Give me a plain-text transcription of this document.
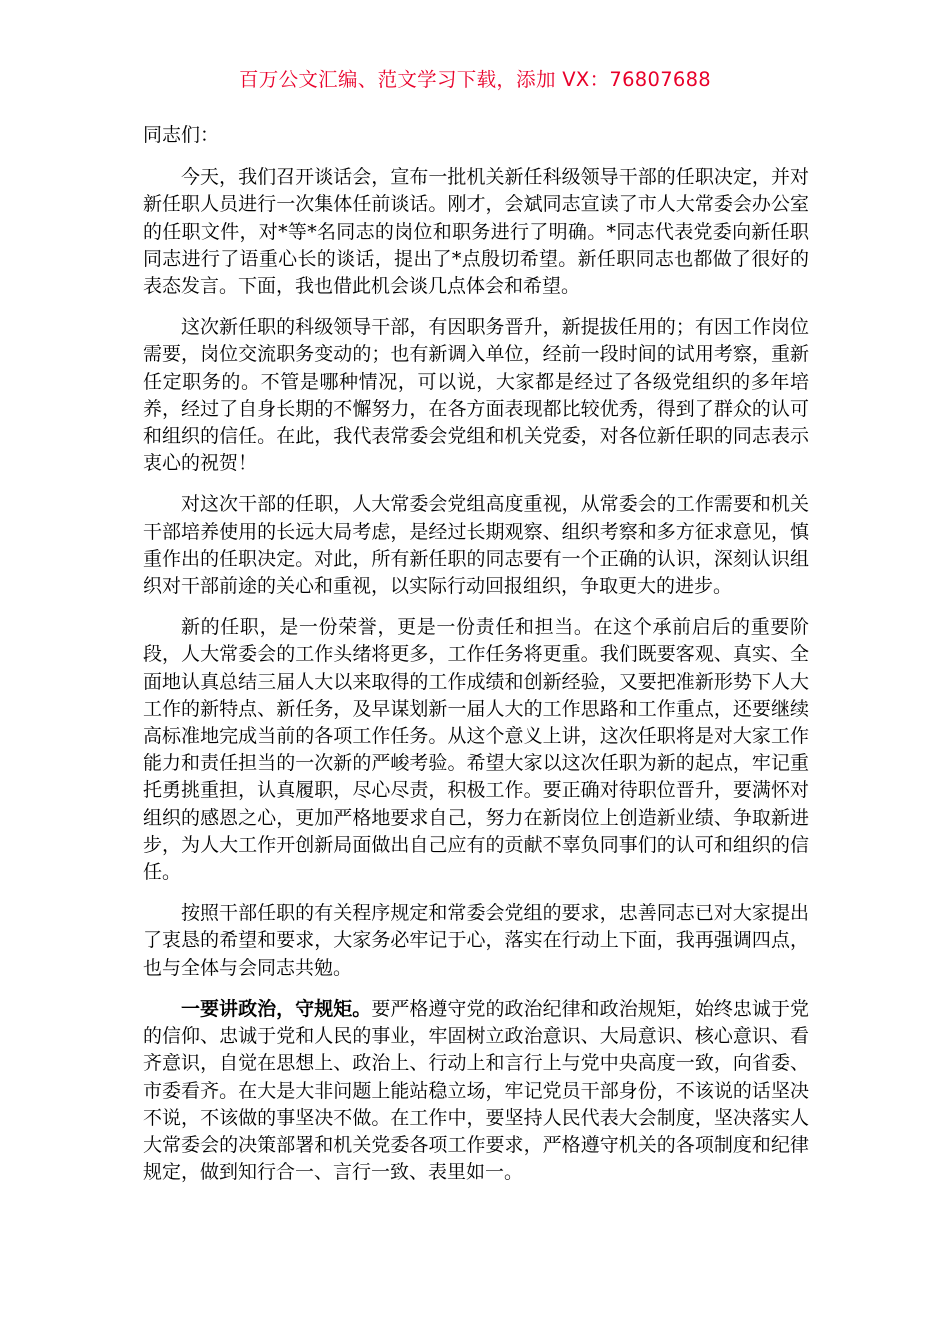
百万公文汇编、范文学习下载，添加 VX：76807688

同志们：

今天，我们召开谈话会，宣布一批机关新任科级领导干部的任职决定，并对新任职人员进行一次集体任前谈话。刚才，会斌同志宣读了市人大常委会办公室的任职文件，对*等*名同志的岗位和职务进行了明确。*同志代表党委向新任职同志进行了语重心长的谈话，提出了*点殷切希望。新任职同志也都做了很好的表态发言。下面，我也借此机会谈几点体会和希望。

这次新任职的科级领导干部，有因职务晋升，新提拔任用的；有因工作岗位需要，岗位交流职务变动的；也有新调入单位，经前一段时间的试用考察，重新任定职务的。不管是哪种情况，可以说，大家都是经过了各级党组织的多年培养，经过了自身长期的不懈努力，在各方面表现都比较优秀，得到了群众的认可和组织的信任。在此，我代表常委会党组和机关党委，对各位新任职的同志表示衷心的祝贺！

对这次干部的任职，人大常委会党组高度重视，从常委会的工作需要和机关干部培养使用的长远大局考虑，是经过长期观察、组织考察和多方征求意见，慎重作出的任职决定。对此，所有新任职的同志要有一个正确的认识，深刻认识组织对干部前途的关心和重视，以实际行动回报组织，争取更大的进步。

新的任职，是一份荣誉，更是一份责任和担当。在这个承前启后的重要阶段，人大常委会的工作头绪将更多，工作任务将更重。我们既要客观、真实、全面地认真总结三届人大以来取得的工作成绩和创新经验，又要把准新形势下人大工作的新特点、新任务，及早谋划新一届人大的工作思路和工作重点，还要继续高标准地完成当前的各项工作任务。从这个意义上讲，这次任职将是对大家工作能力和责任担当的一次新的严峻考验。希望大家以这次任职为新的起点，牢记重托勇挑重担，认真履职，尽心尽责，积极工作。要正确对待职位晋升，要满怀对组织的感恩之心，更加严格地要求自己，努力在新岗位上创造新业绩、争取新进步，为人大工作开创新局面做出自己应有的贡献不辜负同事们的认可和组织的信任。

按照干部任职的有关程序规定和常委会党组的要求，忠善同志已对大家提出了衷恳的希望和要求，大家务必牢记于心，落实在行动上下面，我再强调四点，也与全体与会同志共勉。

一要讲政治，守规矩。要严格遵守党的政治纪律和政治规矩，始终忠诚于党的信仰、忠诚于党和人民的事业，牢固树立政治意识、大局意识、核心意识、看齐意识，自觉在思想上、政治上、行动上和言行上与党中央高度一致，向省委、市委看齐。在大是大非问题上能站稳立场，牢记党员干部身份，不该说的话坚决不说，不该做的事坚决不做。在工作中，要坚持人民代表大会制度，坚决落实人大常委会的决策部署和机关党委各项工作要求，严格遵守机关的各项制度和纪律规定，做到知行合一、言行一致、表里如一。
